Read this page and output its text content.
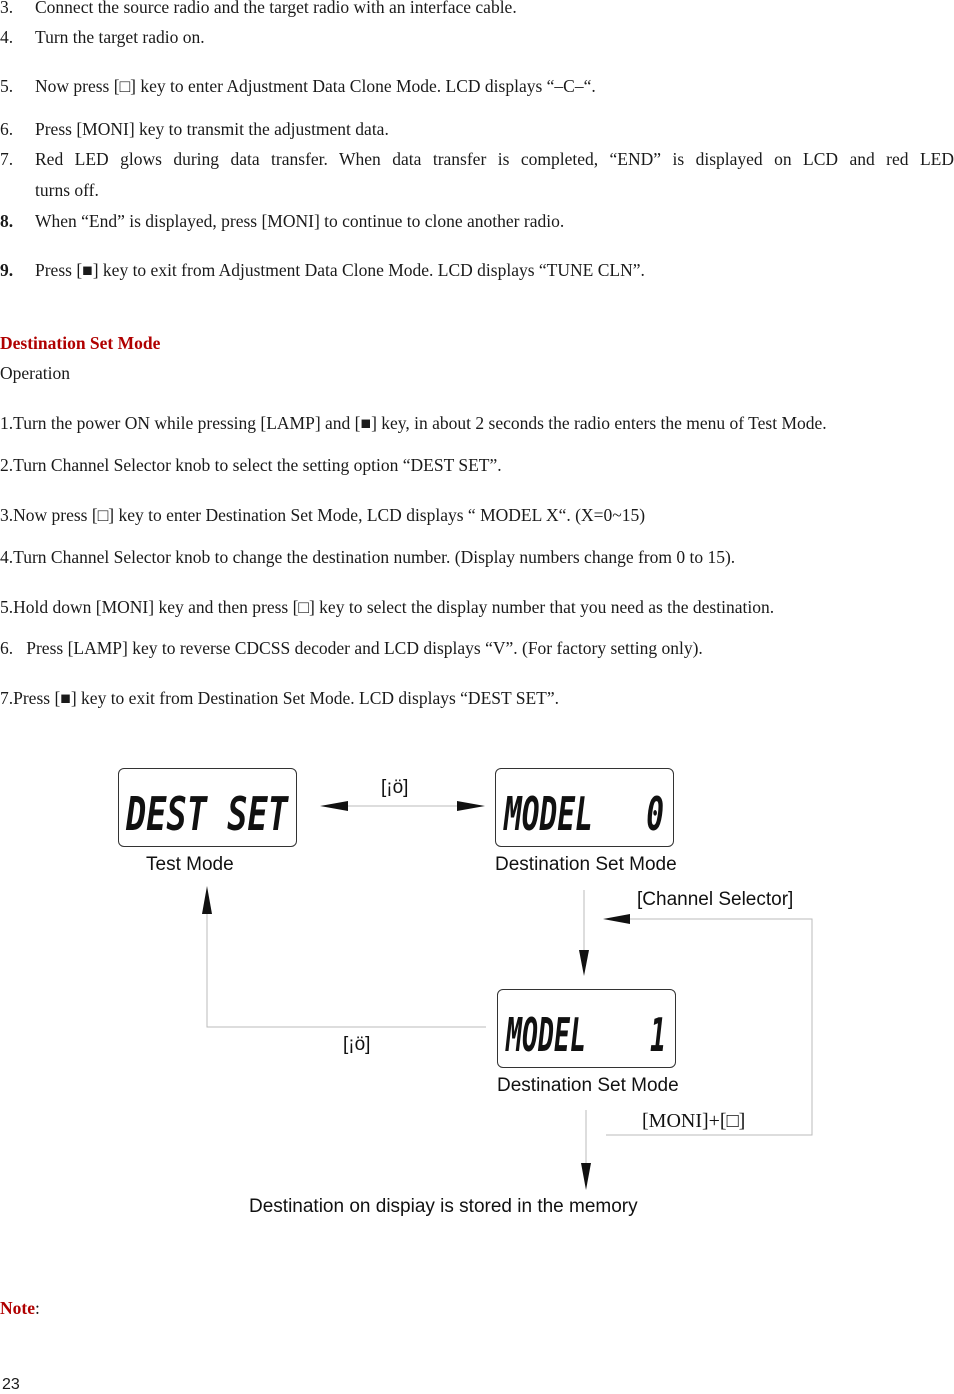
3. Connect the source radio and the target radio with an interface cable.
4. Turn the target radio on.
5. Now press [□] key to enter Adjustment Data Clone Mode. LCD displays “–C–“.
6. Press [MONI] key to transmit the adjustment data.
7. Red LED glows during data transfer. When data transfer is completed, “END” is displayed on LCD and red LED
turns off.
8. When “End” is displayed, press [MONI] to continue to clone another radio.
9. Press [■] key to exit from Adjustment Data Clone Mode. LCD displays “TUNE CLN”.
Destination Set Mode
Operation
1.Turn the power ON while pressing [LAMP] and [■] key, in about 2 seconds the radio enters the menu of Test Mode.
2.Turn Channel Selector knob to select the setting option “DEST SET”.
3.Now press [□] key to enter Destination Set Mode, LCD displays “ MODEL X“. (X=0~15)
4.Turn Channel Selector knob to change the destination number. (Display numbers change from 0 to 15).
5.Hold down [MONI] key and then press [□] key to select the display number that you need as the destination.
6.   Press [LAMP] key to reverse CDCSS decoder and LCD displays “V”. (For factory setting only).
7.Press [■] key to exit from Destination Set Mode. LCD displays “DEST SET”.
DEST SET	MODEL   0
MODEL    1
[¡ö]
Test Mode	Destination Set Mode
[Channel Selector]
[¡ö]
Destination Set Mode
[MONI]+[□]
Destination on dispiay is stored in the memory
Note:
23
